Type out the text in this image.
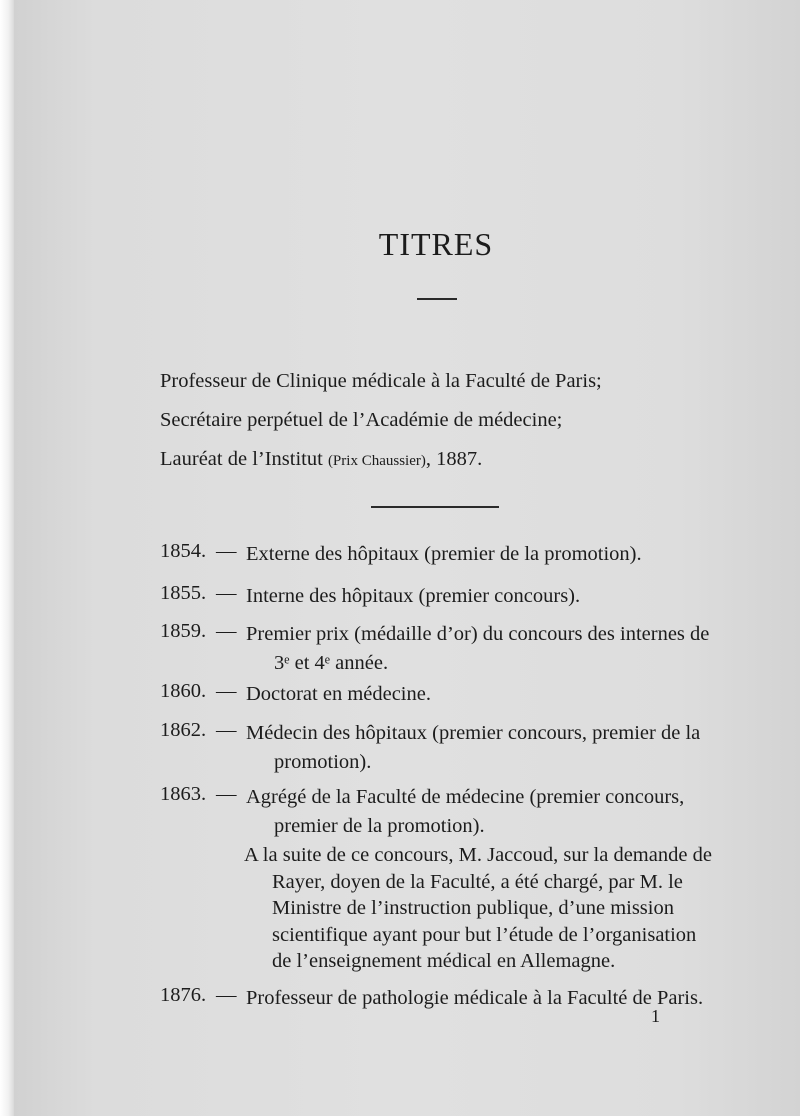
TITRES
Professeur de Clinique médicale à la Faculté de Paris;
Secrétaire perpétuel de l’Académie de médecine;
Lauréat de l’Institut (Prix Chaussier), 1887.
1854. — Externe des hôpitaux (premier de la promotion).
1855. — Interne des hôpitaux (premier concours).
1859. — Premier prix (médaille d’or) du concours des internes de
3ᵉ et 4ᵉ année.
1860. — Doctorat en médecine.
1862. — Médecin des hôpitaux (premier concours, premier de la
promotion).
1863. — Agrégé de la Faculté de médecine (premier concours,
premier de la promotion).
A la suite de ce concours, M. Jaccoud, sur la demande de
Rayer, doyen de la Faculté, a été chargé, par M. le
Ministre de l’instruction publique, d’une mission
scientifique ayant pour but l’étude de l’organisation
de l’enseignement médical en Allemagne.
1876. — Professeur de pathologie médicale à la Faculté de Paris.
1
